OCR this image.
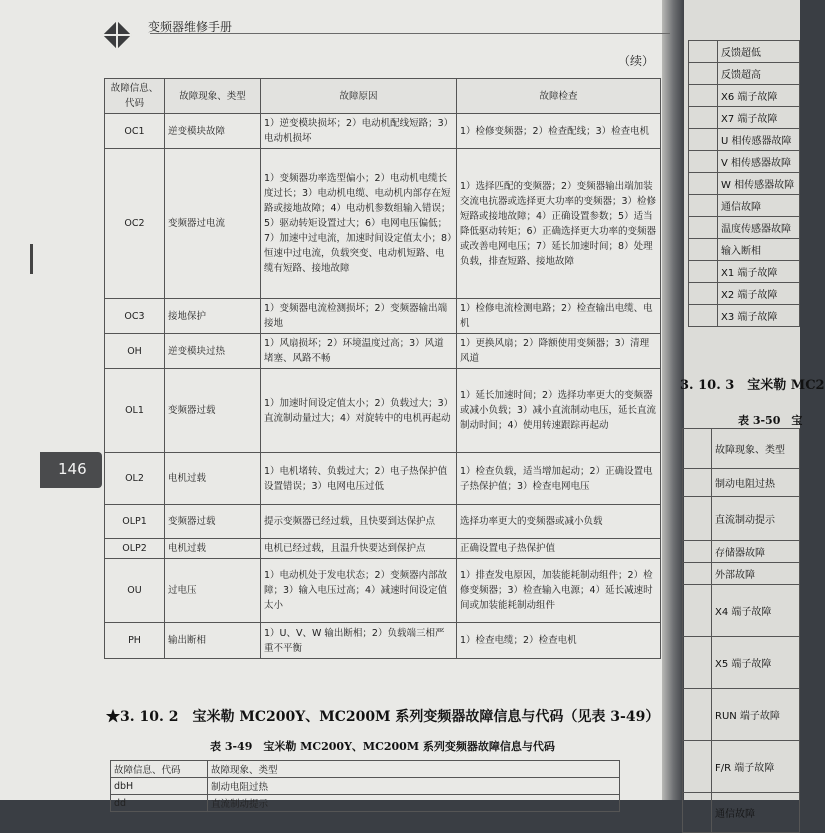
变频器维修手册
（续）
146
故障信息、代码	故障现象、类型	故障原因	故障检查
OC1	逆变模块故障	1）逆变模块损坏；2）电动机配线短路；3）电动机损坏	1）检修变频器；2）检查配线；3）检查电机
OC2	变频器过电流	1）变频器功率选型偏小；2）电动机电缆长度过长；3）电动机电缆、电动机内部存在短路或接地故障；4）电动机参数组输入错误；5）驱动转矩设置过大；6）电网电压偏低；7）加速中过电流，加速时间设定值太小；8）恒速中过电流，负载突变、电动机短路、电缆有短路、接地故障	1）选择匹配的变频器；2）变频器输出端加装交流电抗器或选择更大功率的变频器；3）检修短路或接地故障；4）正确设置参数；5）适当降低驱动转矩；6）正确选择更大功率的变频器或改善电网电压；7）延长加速时间；8）处理负载，排查短路、接地故障
OC3	接地保护	1）变频器电流检测损坏；2）变频器输出端接地	1）检修电流检测电路；2）检查输出电缆、电机
OH	逆变模块过热	1）风扇损坏；2）环境温度过高；3）风道堵塞、风路不畅	1）更换风扇；2）降额使用变频器；3）清理风道
OL1	变频器过载	1）加速时间设定值太小；2）负载过大；3）直流制动量过大；4）对旋转中的电机再起动	1）延长加速时间；2）选择功率更大的变频器或减小负载；3）减小直流制动电压，延长直流制动时间；4）使用转速跟踪再起动
OL2	电机过载	1）电机堵转、负载过大；2）电子热保护值设置错误；3）电网电压过低	1）检查负载，适当增加起动；2）正确设置电子热保护值；3）检查电网电压
OLP1	变频器过载	提示变频器已经过载，且快要到达保护点	选择功率更大的变频器或减小负载
OLP2	电机过载	电机已经过载，且温升快要达到保护点	正确设置电子热保护值
OU	过电压	1）电动机处于发电状态；2）变频器内部故障；3）输入电压过高；4）减速时间设定值太小	1）排查发电原因，加装能耗制动组件；2）检修变频器；3）检查输入电源；4）延长减速时间或加装能耗制动组件
PH	输出断相	1）U、V、W 输出断相；2）负载端三相严重不平衡	1）检查电缆；2）检查电机
★3. 10. 2　宝米勒 MC200Y、MC200M 系列变频器故障信息与代码（见表 3-49）
表 3-49　宝米勒 MC200Y、MC200M 系列变频器故障信息与代码
故障信息、代码	故障现象、类型
dbH	制动电阻过热
dd	直流制动提示
	反馈超低
	反馈超高
	X6 端子故障
	X7 端子故障
	U 相传感器故障
	V 相传感器故障
	W 相传感器故障
	通信故障
	温度传感器故障
	输入断相
	X1 端子故障
	X2 端子故障
	X3 端子故障
3. 10. 3　宝米勒 MC2
表 3-50　宝
	故障现象、类型
	制动电阻过热
	直流制动提示
	存储器故障
	外部故障
	X4 端子故障
	X5 端子故障
	RUN 端子故障
	F/R 端子故障
	通信故障
